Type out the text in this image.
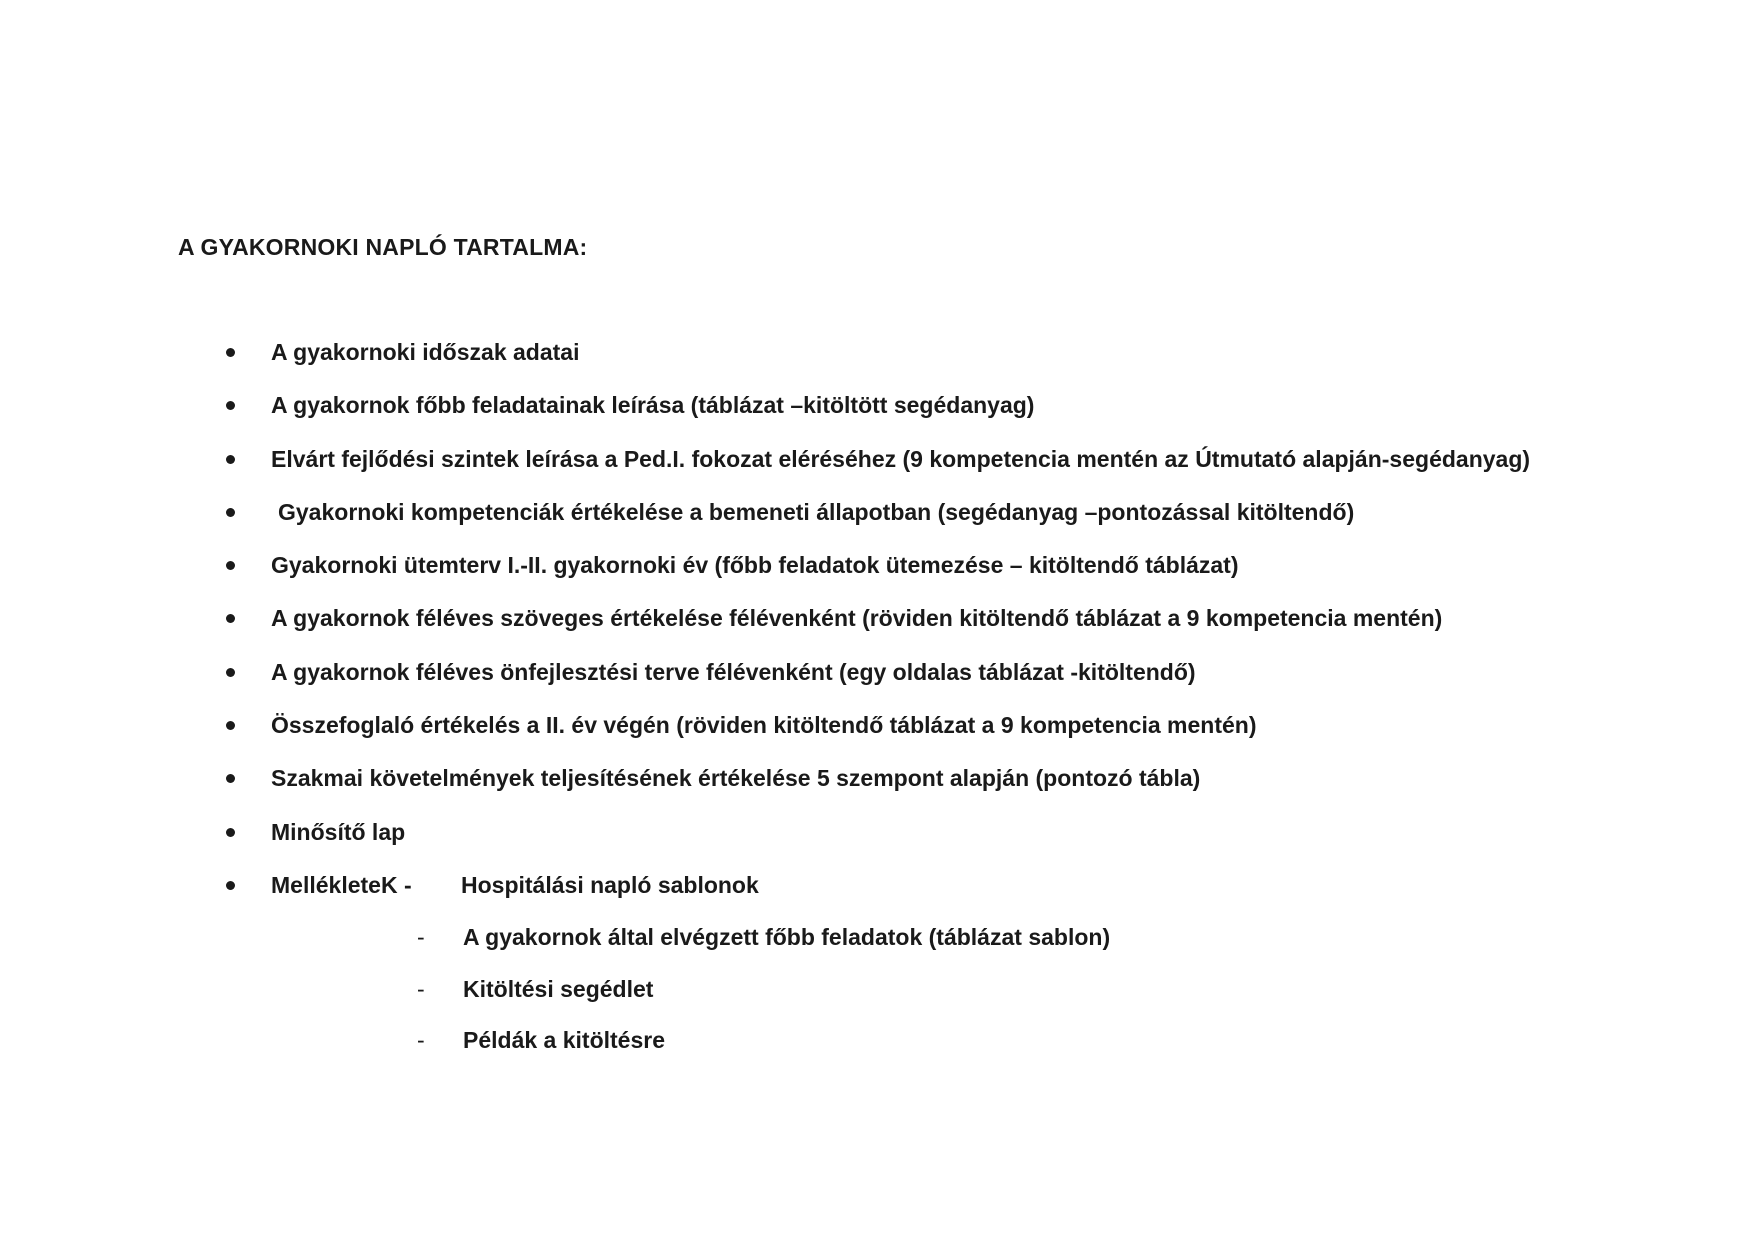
A GYAKORNOKI NAPLÓ TARTALMA:
A gyakornoki időszak adatai
A gyakornok főbb feladatainak leírása (táblázat –kitöltött segédanyag)
Elvárt fejlődési szintek leírása a Ped.I. fokozat eléréséhez (9 kompetencia mentén az Útmutató alapján-segédanyag)
Gyakornoki kompetenciák értékelése a bemeneti állapotban (segédanyag –pontozással kitöltendő)
Gyakornoki ütemterv I.-II. gyakornoki év (főbb feladatok ütemezése – kitöltendő táblázat)
A gyakornok féléves szöveges értékelése félévenként (röviden kitöltendő táblázat a 9 kompetencia mentén)
A gyakornok féléves önfejlesztési terve félévenként (egy oldalas táblázat -kitöltendő)
Összefoglaló értékelés a II. év végén (röviden kitöltendő táblázat a 9 kompetencia mentén)
Szakmai követelmények teljesítésének értékelése 5 szempont alapján (pontozó tábla)
Minősítő lap
MellékleteK - Hospitálási napló sablonok
- A gyakornok által elvégzett főbb feladatok (táblázat sablon)
- Kitöltési segédlet
- Példák a kitöltésre
